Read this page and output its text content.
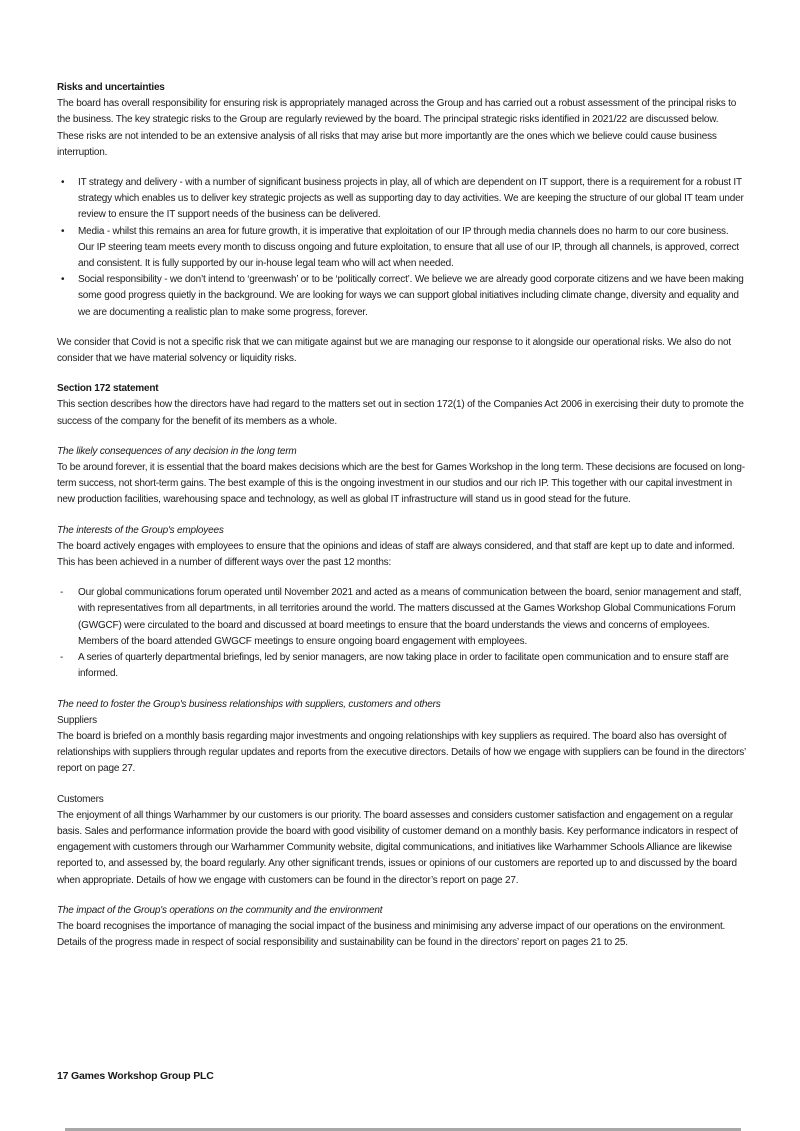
Risks and uncertainties

The board has overall responsibility for ensuring risk is appropriately managed across the Group and has carried out a robust assessment of the principal risks to the business. The key strategic risks to the Group are regularly reviewed by the board. The principal strategic risks identified in 2021/22 are discussed below. These risks are not intended to be an extensive analysis of all risks that may arise but more importantly are the ones which we believe could cause business interruption.

• IT strategy and delivery - with a number of significant business projects in play, all of which are dependent on IT support, there is a requirement for a robust IT strategy which enables us to deliver key strategic projects as well as supporting day to day activities. We are keeping the structure of our global IT team under review to ensure the IT support needs of the business can be delivered.
• Media - whilst this remains an area for future growth, it is imperative that exploitation of our IP through media channels does no harm to our core business. Our IP steering team meets every month to discuss ongoing and future exploitation, to ensure that all use of our IP, through all channels, is approved, correct and consistent. It is fully supported by our in-house legal team who will act when needed.
• Social responsibility - we don’t intend to ‘greenwash’ or to be ‘politically correct’. We believe we are already good corporate citizens and we have been making some good progress quietly in the background. We are looking for ways we can support global initiatives including climate change, diversity and equality and we are documenting a realistic plan to make some progress, forever.

We consider that Covid is not a specific risk that we can mitigate against but we are managing our response to it alongside our operational risks. We also do not consider that we have material solvency or liquidity risks.

Section 172 statement

This section describes how the directors have had regard to the matters set out in section 172(1) of the Companies Act 2006 in exercising their duty to promote the success of the company for the benefit of its members as a whole.

The likely consequences of any decision in the long term

To be around forever, it is essential that the board makes decisions which are the best for Games Workshop in the long term. These decisions are focused on long-term success, not short-term gains. The best example of this is the ongoing investment in our studios and our rich IP. This together with our capital investment in new production facilities, warehousing space and technology, as well as global IT infrastructure will stand us in good stead for the future.

The interests of the Group's employees

The board actively engages with employees to ensure that the opinions and ideas of staff are always considered, and that staff are kept up to date and informed. This has been achieved in a number of different ways over the past 12 months:

- Our global communications forum operated until November 2021 and acted as a means of communication between the board, senior management and staff, with representatives from all departments, in all territories around the world. The matters discussed at the Games Workshop Global Communications Forum (GWGCF) were circulated to the board and discussed at board meetings to ensure that the board understands the views and concerns of employees. Members of the board attended GWGCF meetings to ensure ongoing board engagement with employees.
- A series of quarterly departmental briefings, led by senior managers, are now taking place in order to facilitate open communication and to ensure staff are informed.
The need to foster the Group's business relationships with suppliers, customers and others

Suppliers

The board is briefed on a monthly basis regarding major investments and ongoing relationships with key suppliers as required. The board also has oversight of relationships with suppliers through regular updates and reports from the executive directors. Details of how we engage with suppliers can be found in the directors’ report on page 27.

Customers

The enjoyment of all things Warhammer by our customers is our priority. The board assesses and considers customer satisfaction and engagement on a regular basis. Sales and performance information provide the board with good visibility of customer demand on a monthly basis. Key performance indicators in respect of engagement with customers through our Warhammer Community website, digital communications, and initiatives like Warhammer Schools Alliance are likewise reported to, and assessed by, the board regularly. Any other significant trends, issues or opinions of our customers are reported up to and discussed by the board when appropriate. Details of how we engage with customers can be found in the director’s report on page 27.

The impact of the Group's operations on the community and the environment

The board recognises the importance of managing the social impact of the business and minimising any adverse impact of our operations on the environment. Details of the progress made in respect of social responsibility and sustainability can be found in the directors’ report on pages 21 to 25.

17 Games Workshop Group PLC
